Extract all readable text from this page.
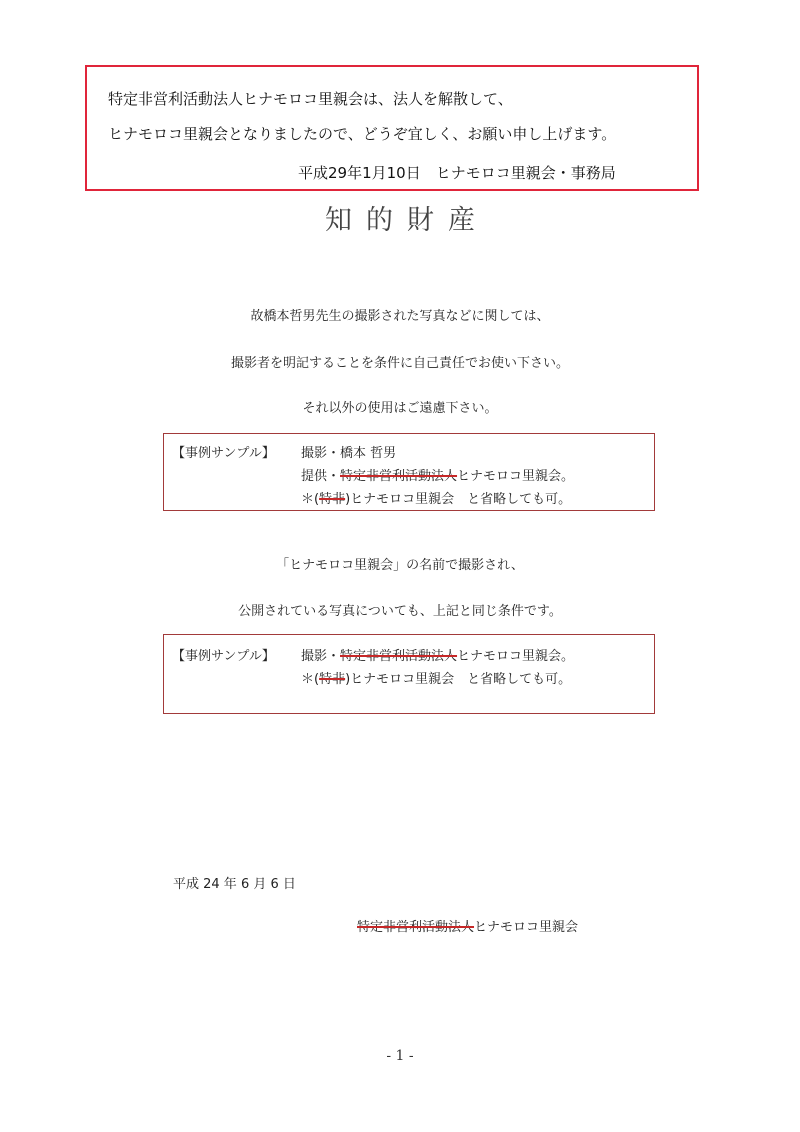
特定非営利活動法人ヒナモロコ里親会は、法人を解散して、
ヒナモロコ里親会となりましたので、どうぞ宜しく、お願い申し上げます。
平成29年1月10日　ヒナモロコ里親会・事務局
知的財産
故橋本哲男先生の撮影された写真などに関しては、
撮影者を明記することを条件に自己責任でお使い下さい。
それ以外の使用はご遠慮下さい。
【事例サンプル】 撮影・橋本 哲男
提供・特定非営利活動法人ヒナモロコ里親会。
＊(特非)ヒナモロコ里親会　と省略しても可。
「ヒナモロコ里親会」の名前で撮影され、
公開されている写真についても、上記と同じ条件です。
【事例サンプル】 撮影・特定非営利活動法人ヒナモロコ里親会。
＊(特非)ヒナモロコ里親会　と省略しても可。
平成 24 年 6 月 6 日
特定非営利活動法人ヒナモロコ里親会
- 1 -
